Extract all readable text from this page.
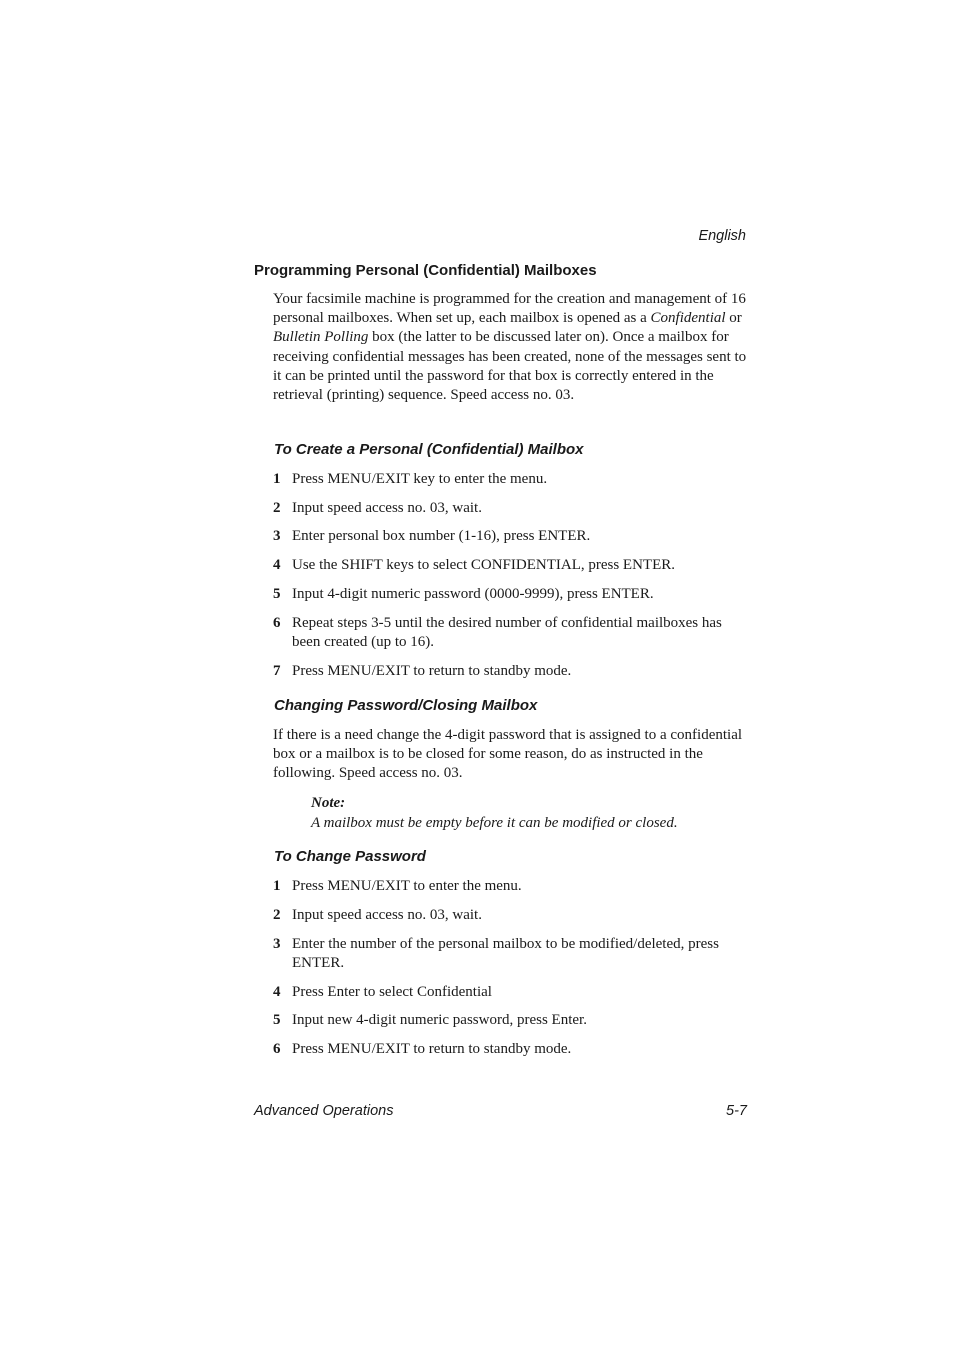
English
Programming Personal (Confidential) Mailboxes

Your facsimile machine is programmed for the creation and management of 16 personal mailboxes. When set up, each mailbox is opened as a Confidential or Bulletin Polling box (the latter to be discussed later on). Once a mailbox for receiving confidential messages has been created, none of the messages sent to it can be printed until the password for that box is correctly entered in the retrieval (printing) sequence. Speed access no. 03.

To Create a Personal (Confidential) Mailbox
1 Press MENU/EXIT key to enter the menu.
2 Input speed access no. 03, wait.
3 Enter personal box number (1-16), press ENTER.
4 Use the SHIFT keys to select CONFIDENTIAL, press ENTER.
5 Input 4-digit numeric password (0000-9999), press ENTER.
6 Repeat steps 3-5 until the desired number of confidential mailboxes has been created (up to 16).
7 Press MENU/EXIT to return to standby mode.
Changing Password/Closing Mailbox

If there is a need change the 4-digit password that is assigned to a confidential box or a mailbox is to be closed for some reason, do as instructed in the following. Speed access no. 03.

Note:
A mailbox must be empty before it can be modified or closed.
To Change Password
1 Press MENU/EXIT to enter the menu.
2 Input speed access no. 03, wait.
3 Enter the number of the personal mailbox to be modified/deleted, press ENTER.
4 Press Enter to select Confidential
5 Input new 4-digit numeric password, press Enter.
6 Press MENU/EXIT to return to standby mode.
Advanced Operations	5-7
